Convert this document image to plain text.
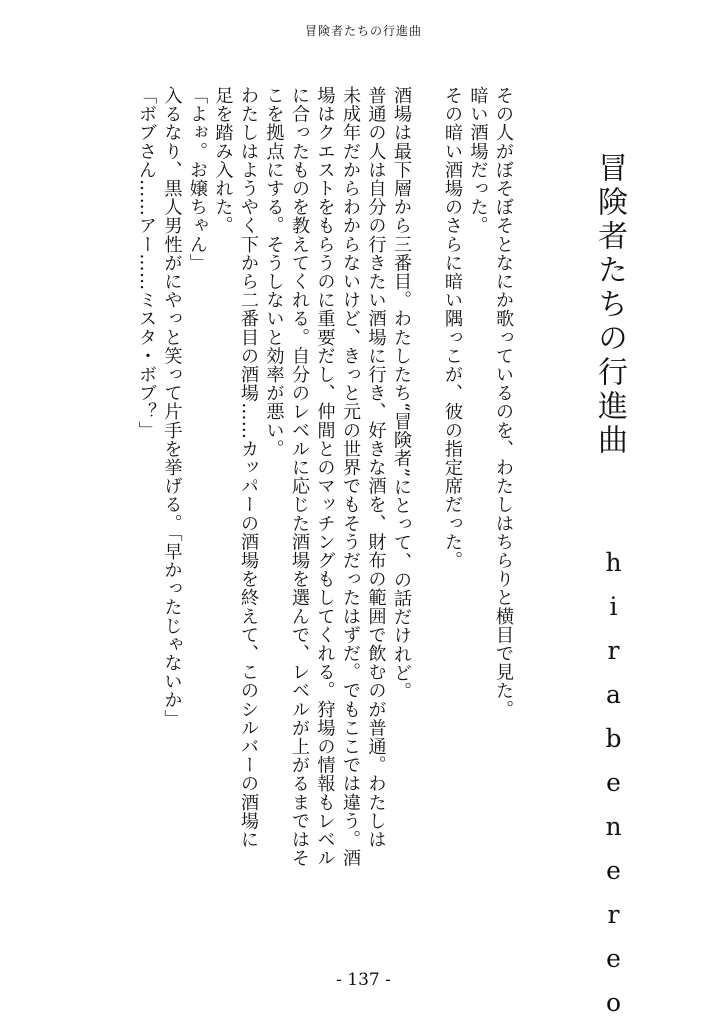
冒険者たちの行進曲
冒険者たちの行進曲
hirabenereo

その人がぼそぼそとなにか歌っているのを、わたしはちらりと横目で見た。

暗い酒場だった。

その暗い酒場のさらに暗い隅っこが、彼の指定席だった。

酒場は最下層から三番目。わたしたち“冒険者”にとって、の話だけれど。

普通の人は自分の行きたい酒場に行き、好きな酒を、財布の範囲で飲むのが普通。わたしは

未成年だからわからないけど、きっと元の世界でもそうだったはずだ。でもここでは違う。酒

場はクエストをもらうのに重要だし、仲間とのマッチングもしてくれる。狩場の情報もレベル

に合ったものを教えてくれる。自分のレベルに応じた酒場を選んで、レベルが上がるまではそ

こを拠点にする。そうしないと効率が悪い。

わたしはようやく下から二番目の酒場……カッパーの酒場を終えて、このシルバーの酒場に

足を踏み入れた。

「よぉ。お嬢ちゃん」

入るなり、黒人男性がにやっと笑って片手を挙げる。「早かったじゃないか」

「ボブさん……アー……ミスタ・ボブ？」

- 137 -
